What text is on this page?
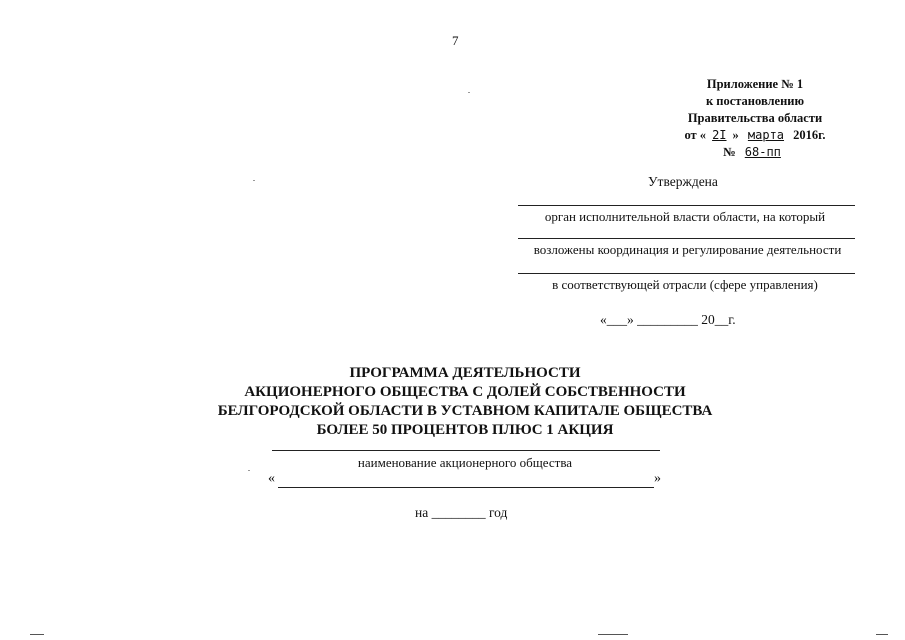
7
Приложение № 1
к постановлению
Правительства области
от « 2I » марта 2016г.
№ 68-пп
Утверждена
орган исполнительной власти области, на который
возложены координация и регулирование деятельности
в соответствующей отрасли (сфере управления)
«___» _________ 20__г.
ПРОГРАММА ДЕЯТЕЛЬНОСТИ
АКЦИОНЕРНОГО ОБЩЕСТВА С ДОЛЕЙ СОБСТВЕННОСТИ
БЕЛГОРОДСКОЙ ОБЛАСТИ В УСТАВНОМ КАПИТАЛЕ ОБЩЕСТВА
БОЛЕЕ 50 ПРОЦЕНТОВ ПЛЮС 1 АКЦИЯ
наименование акционерного общества
«	»
на ________ год
